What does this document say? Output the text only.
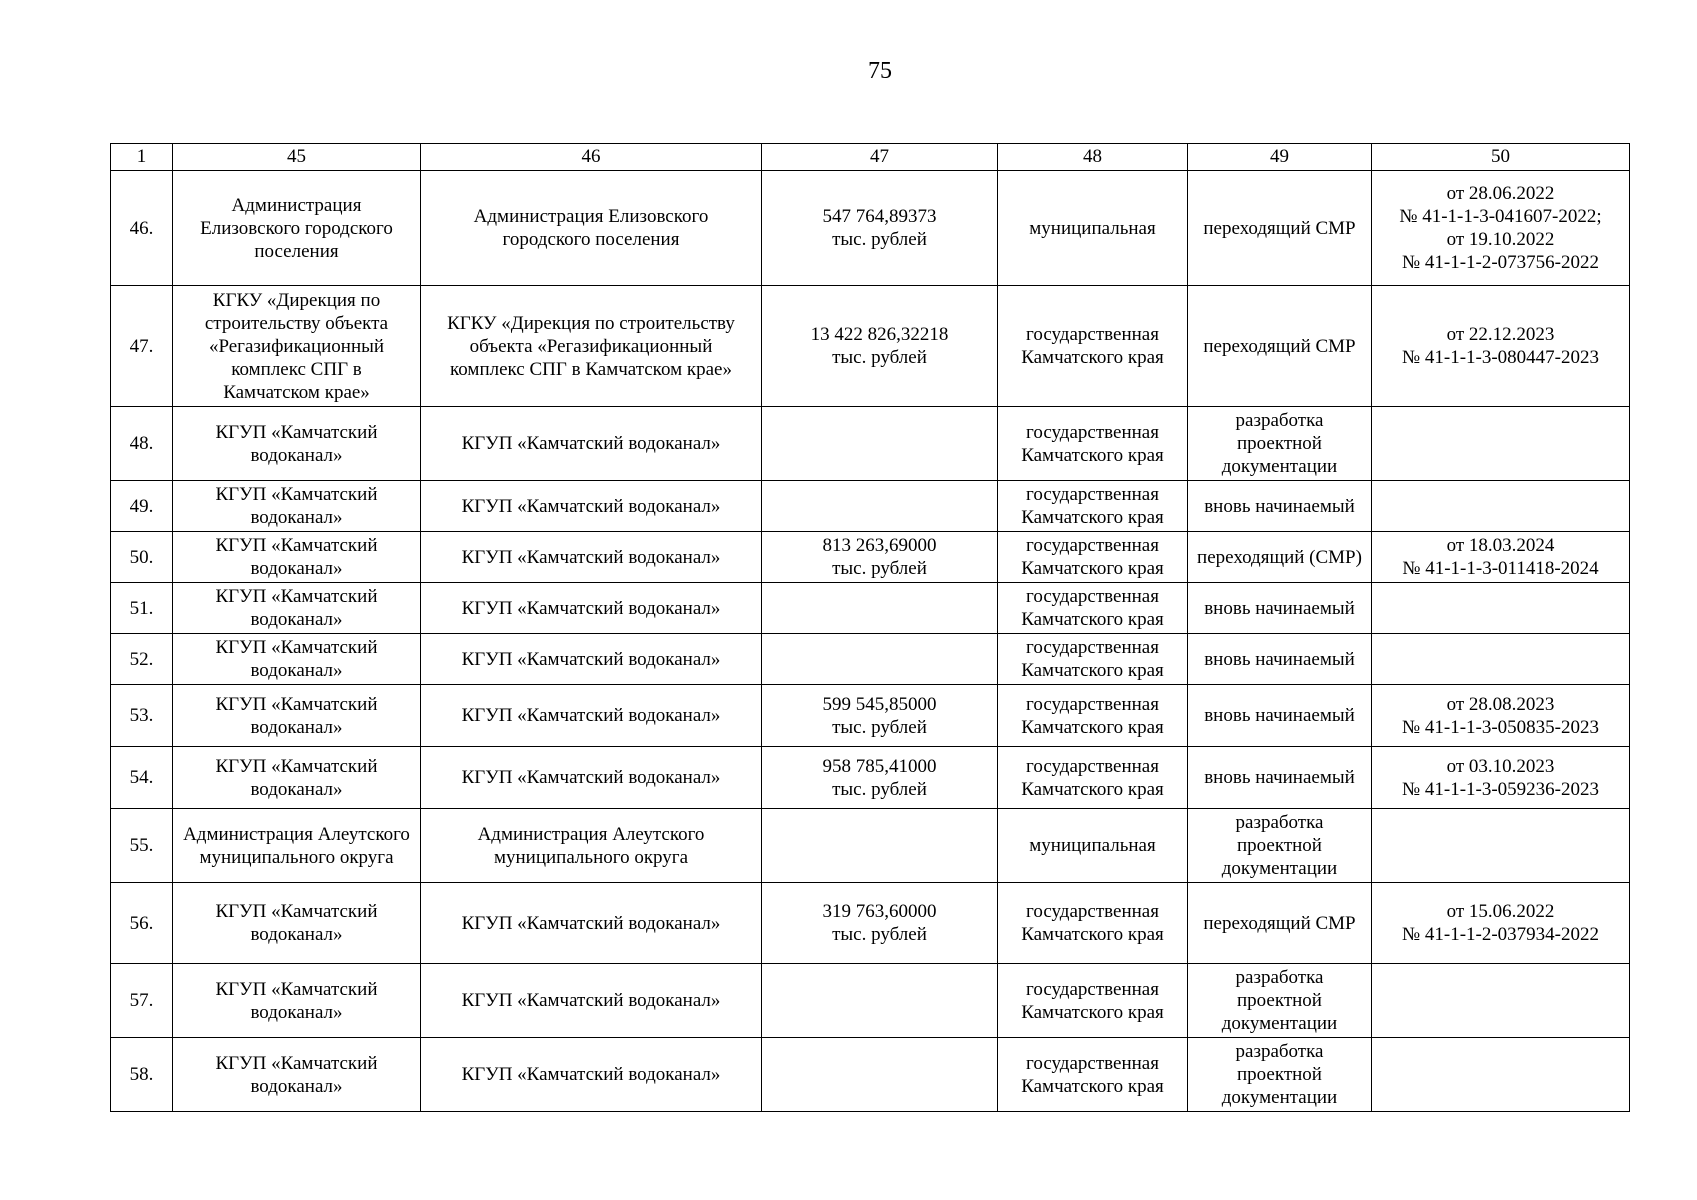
75
1	45	46	47	48	49	50
46.	Администрация
Елизовского городского
поселения	Администрация Елизовского
городского поселения	547 764,89373
тыс. рублей	муниципальная	переходящий СМР	от 28.06.2022
№ 41-1-1-3-041607-2022;
от 19.10.2022
№ 41-1-1-2-073756-2022
47.	КГКУ «Дирекция по
строительству объекта
«Регазификационный
комплекс СПГ в
Камчатском крае»	КГКУ «Дирекция по строительству
объекта «Регазификационный
комплекс СПГ в Камчатском крае»	13 422 826,32218
тыс. рублей	государственная
Камчатского края	переходящий СМР	от 22.12.2023
№ 41-1-1-3-080447-2023
48.	КГУП «Камчатский
водоканал»	КГУП «Камчатский водоканал»		государственная
Камчатского края	разработка
проектной
документации	
49.	КГУП «Камчатский
водоканал»	КГУП «Камчатский водоканал»		государственная
Камчатского края	вновь начинаемый	
50.	КГУП «Камчатский
водоканал»	КГУП «Камчатский водоканал»	813 263,69000
тыс. рублей	государственная
Камчатского края	переходящий (СМР)	от 18.03.2024
№ 41-1-1-3-011418-2024
51.	КГУП «Камчатский
водоканал»	КГУП «Камчатский водоканал»		государственная
Камчатского края	вновь начинаемый	
52.	КГУП «Камчатский
водоканал»	КГУП «Камчатский водоканал»		государственная
Камчатского края	вновь начинаемый	
53.	КГУП «Камчатский
водоканал»	КГУП «Камчатский водоканал»	599 545,85000
тыс. рублей	государственная
Камчатского края	вновь начинаемый	от 28.08.2023
№ 41-1-1-3-050835-2023
54.	КГУП «Камчатский
водоканал»	КГУП «Камчатский водоканал»	958 785,41000
тыс. рублей	государственная
Камчатского края	вновь начинаемый	от 03.10.2023
№ 41-1-1-3-059236-2023
55.	Администрация Алеутского
муниципального округа	Администрация Алеутского
муниципального округа		муниципальная	разработка
проектной
документации	
56.	КГУП «Камчатский
водоканал»	КГУП «Камчатский водоканал»	319 763,60000
тыс. рублей	государственная
Камчатского края	переходящий СМР	от 15.06.2022
№ 41-1-1-2-037934-2022
57.	КГУП «Камчатский
водоканал»	КГУП «Камчатский водоканал»		государственная
Камчатского края	разработка
проектной
документации	
58.	КГУП «Камчатский
водоканал»	КГУП «Камчатский водоканал»		государственная
Камчатского края	разработка
проектной
документации	
